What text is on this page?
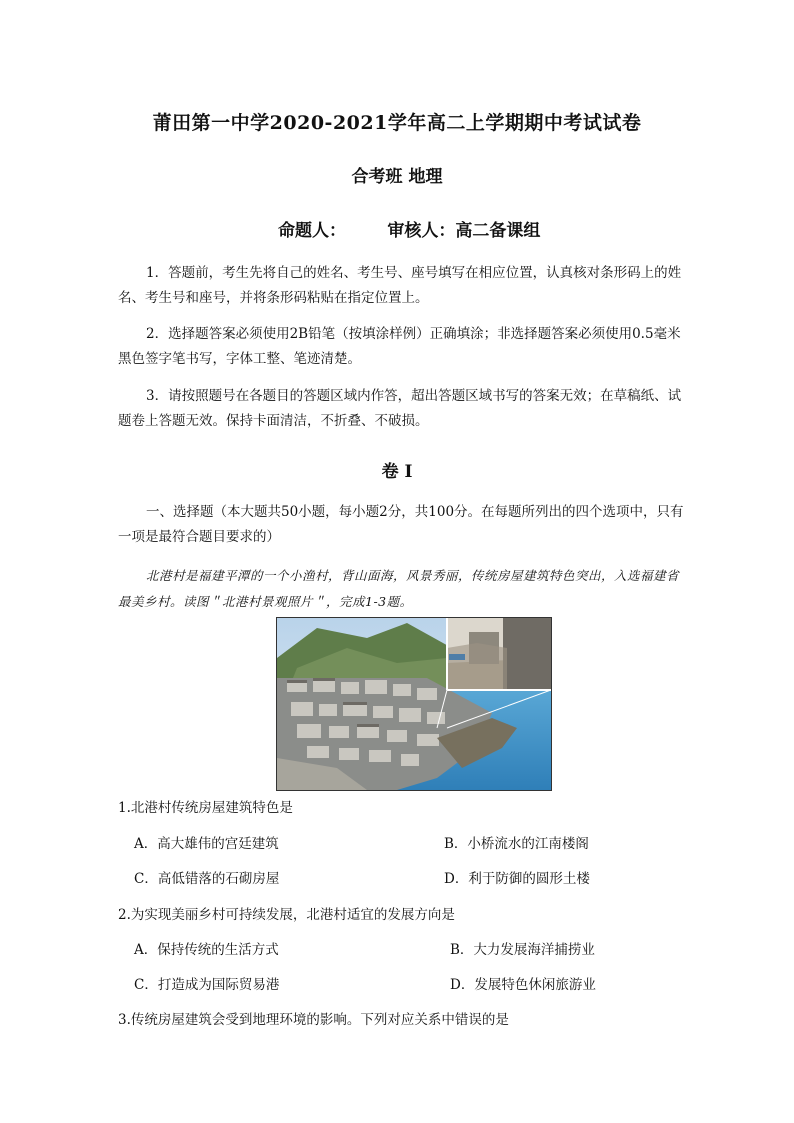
莆田第一中学2020-2021学年高二上学期期中考试试卷
合考班 地理
命题人：       审核人：高二备课组
1．答题前，考生先将自己的姓名、考生号、座号填写在相应位置，认真核对条形码上的姓名、考生号和座号，并将条形码粘贴在指定位置上。
2．选择题答案必须使用2B铅笔（按填涂样例）正确填涂；非选择题答案必须使用0.5毫米黑色签字笔书写，字体工整、笔迹清楚。
3．请按照题号在各题目的答题区域内作答，超出答题区域书写的答案无效；在草稿纸、试题卷上答题无效。保持卡面清洁，不折叠、不破损。
卷 I
一、选择题（本大题共50小题，每小题2分，共100分。在每题所列出的四个选项中，只有一项是最符合题目要求的）
北港村是福建平潭的一个小渔村，背山面海，风景秀丽，传统房屋建筑特色突出，入选福建省最美乡村。读图＂北港村景观照片＂，完成1-3题。
1.北港村传统房屋建筑特色是
A．高大雄伟的宫廷建筑	B．小桥流水的江南楼阁
C．高低错落的石砌房屋	D．利于防御的圆形土楼
2.为实现美丽乡村可持续发展，北港村适宜的发展方向是
A．保持传统的生活方式	B．大力发展海洋捕捞业
C．打造成为国际贸易港	D．发展特色休闲旅游业
3.传统房屋建筑会受到地理环境的影响。下列对应关系中错误的是
